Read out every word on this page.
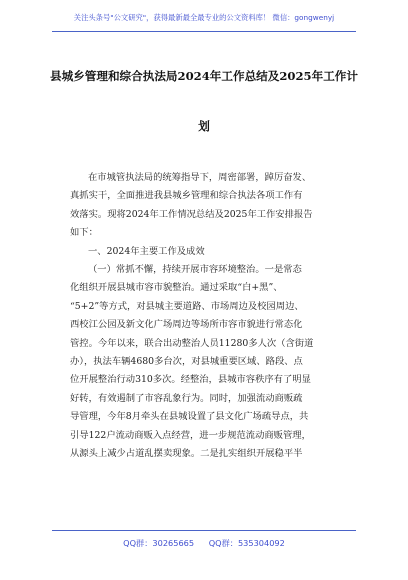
关注头条号"公文研究"，获得最新最全最专业的公文资料库！ 微信：gongwenyj
县城乡管理和综合执法局2024年工作总结及2025年工作计
划
在市城管执法局的统筹指导下，周密部署，踔厉奋发、
真抓实干，全面推进我县城乡管理和综合执法各项工作有
效落实。现将2024年工作情况总结及2025年工作安排报告
如下：
一、2024年主要工作及成效
（一）常抓不懈，持续开展市容环境整治。一是常态
化组织开展县城市容市貌整治。通过采取“白+黑”、
“5+2”等方式，对县城主要道路、市场周边及校园周边、
西校江公园及新文化广场周边等场所市容市貌进行常态化
管控。今年以来，联合出动整治人员11280多人次（含街道
办），执法车辆4680多台次，对县城重要区域、路段、点
位开展整治行动310多次。经整治，县城市容秩序有了明显
好转，有效遏制了市容乱象行为。同时，加强流动商贩疏
导管理，今年8月牵头在县城设置了县文化广场疏导点，共
引导122户流动商贩入点经营，进一步规范流动商贩管理，
从源头上减少占道乱摆卖现象。二是扎实组织开展稳平半
QQ群：30265665 QQ群：535304092
